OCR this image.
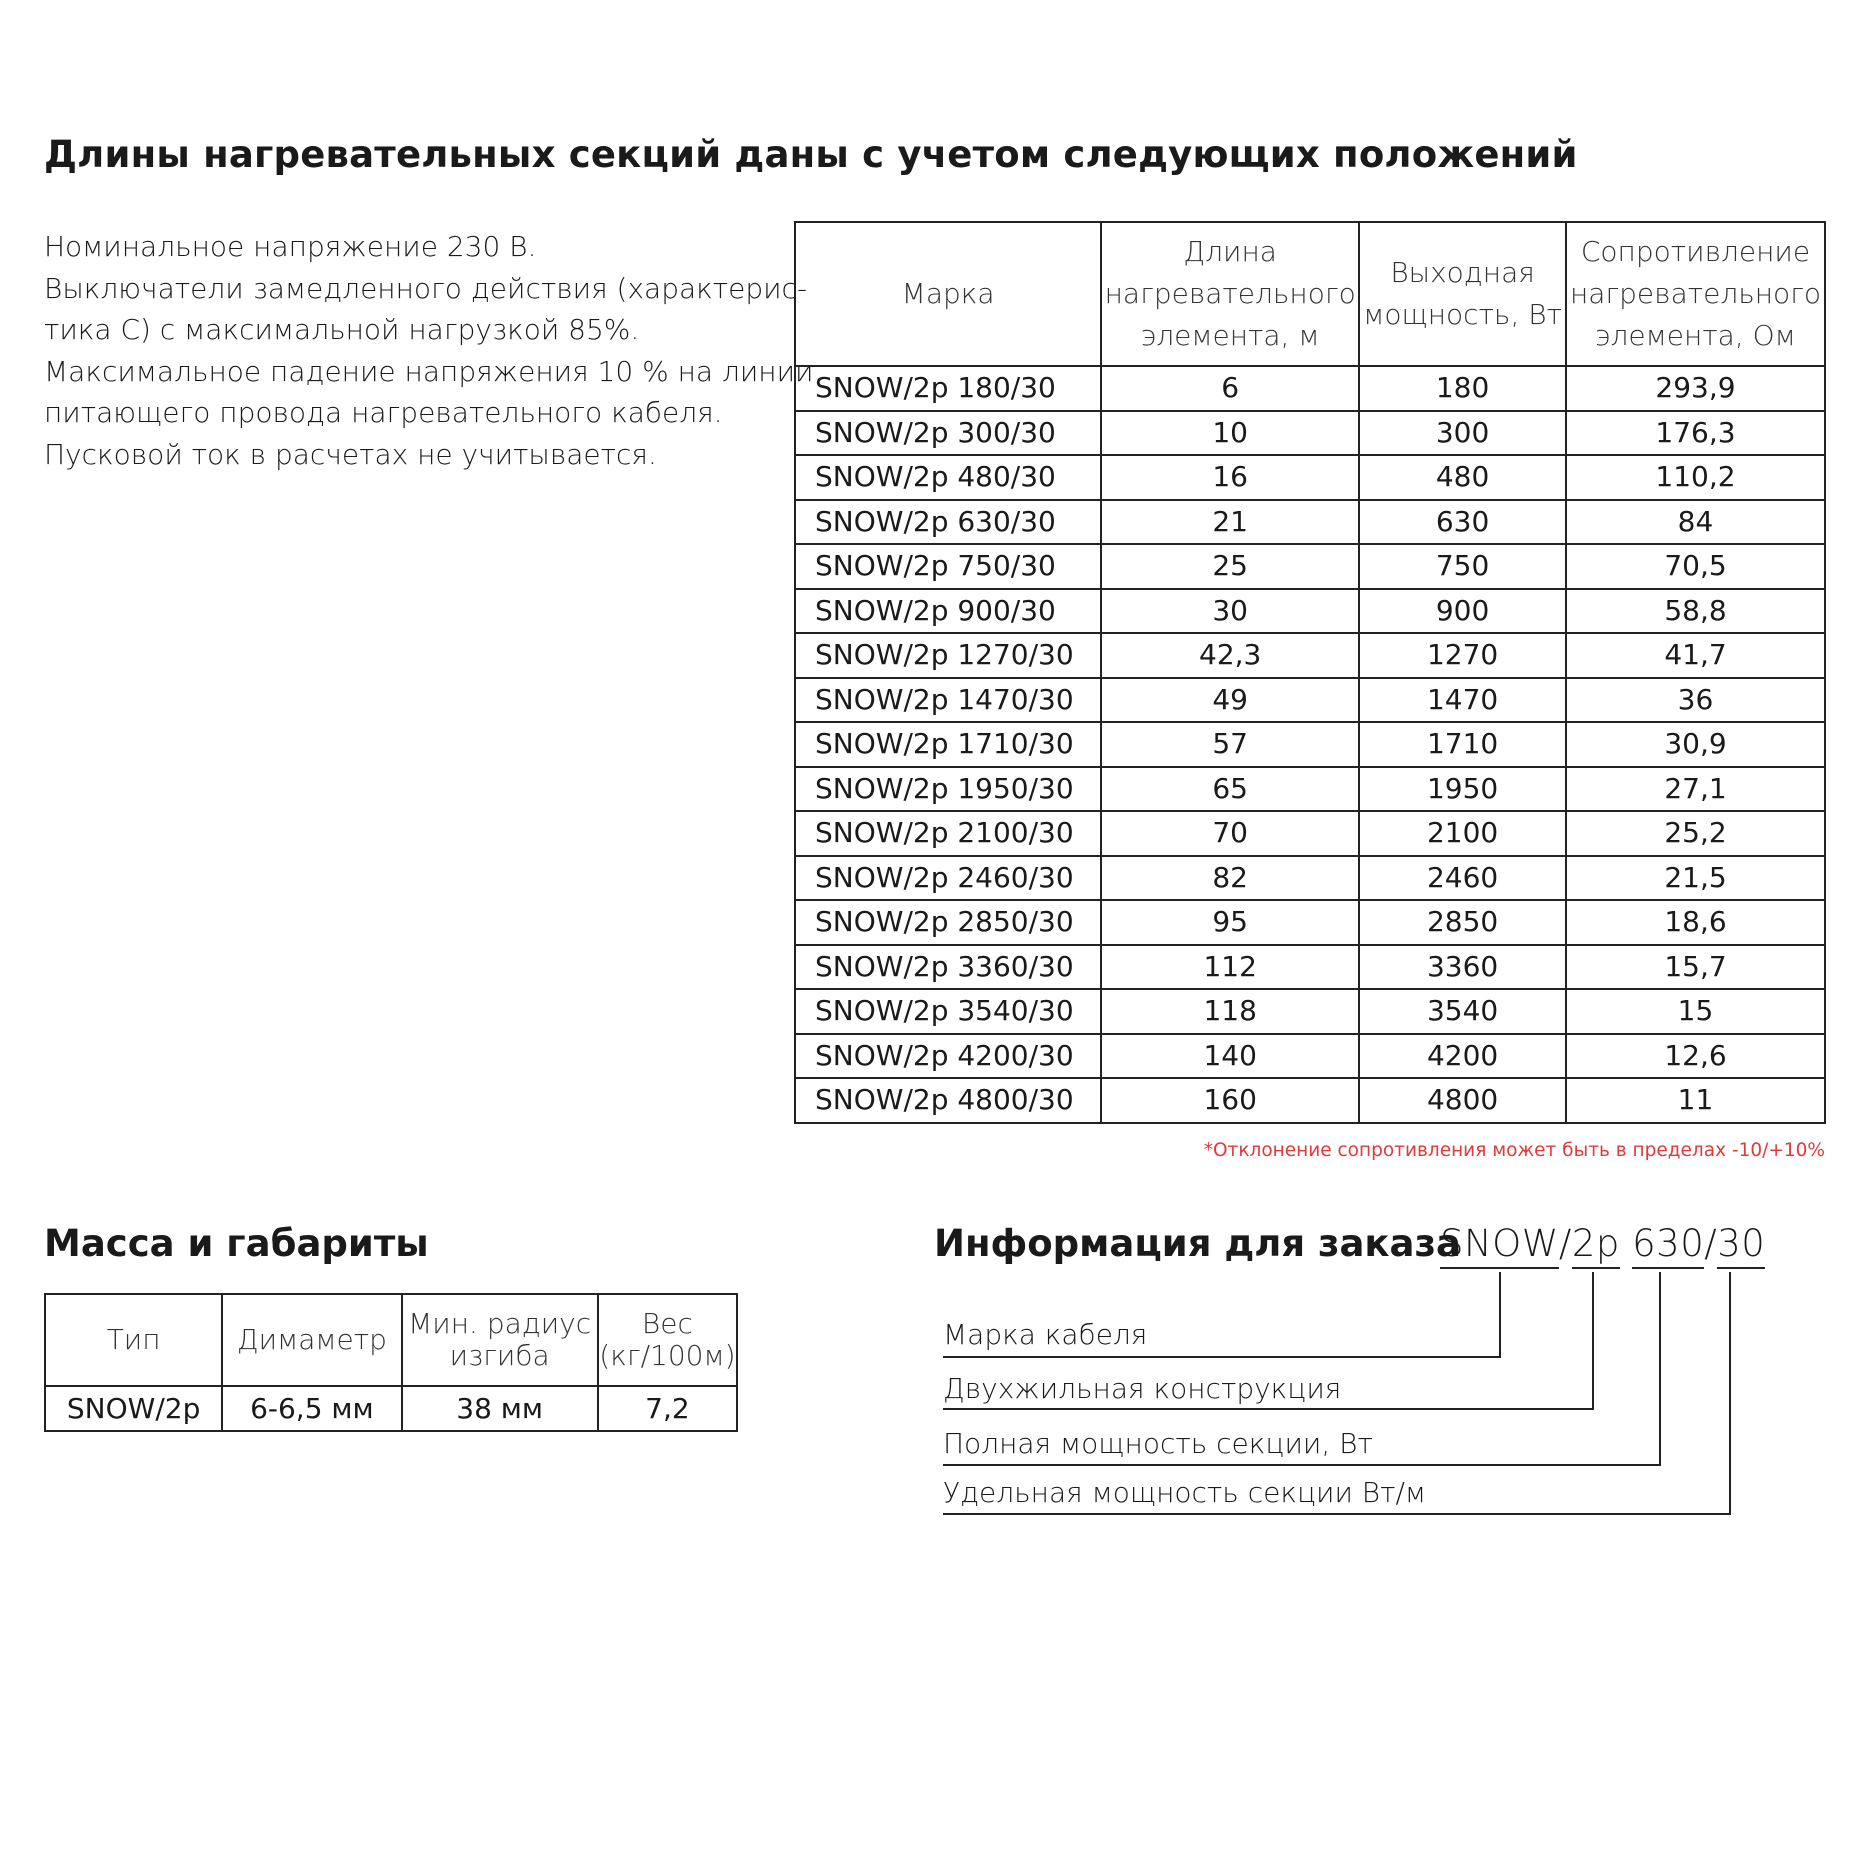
Длины нагревательных секций даны с учетом следующих положений
Номинальное напряжение 230 В.
Выключатели замедленного действия (характерис-
тика С) с максимальной нагрузкой 85%.
Максимальное падение напряжения 10 % на линии
питающего провода нагревательного кабеля.
Пусковой ток в расчетах не учитывается.
Марка	Длина нагревательного элемента, м	Выходная мощность, Вт	Сопротивление нагревательного элемента, Ом
SNOW/2p 180/30	6	180	293,9
SNOW/2p 300/30	10	300	176,3
SNOW/2p 480/30	16	480	110,2
SNOW/2p 630/30	21	630	84
SNOW/2p 750/30	25	750	70,5
SNOW/2p 900/30	30	900	58,8
SNOW/2p 1270/30	42,3	1270	41,7
SNOW/2p 1470/30	49	1470	36
SNOW/2p 1710/30	57	1710	30,9
SNOW/2p 1950/30	65	1950	27,1
SNOW/2p 2100/30	70	2100	25,2
SNOW/2p 2460/30	82	2460	21,5
SNOW/2p 2850/30	95	2850	18,6
SNOW/2p 3360/30	112	3360	15,7
SNOW/2p 3540/30	118	3540	15
SNOW/2p 4200/30	140	4200	12,6
SNOW/2p 4800/30	160	4800	11
*Отклонение сопротивления может быть в пределах -10/+10%
Масса и габариты
Тип	Димаметр	Мин. радиус изгиба	Вес (кг/100м)
SNOW/2p	6-6,5 мм	38 мм	7,2
Информация для заказа
SNOW/2p 630/30
Марка кабеля
Двухжильная конструкция
Полная мощность секции, Вт
Удельная мощность секции Вт/м
